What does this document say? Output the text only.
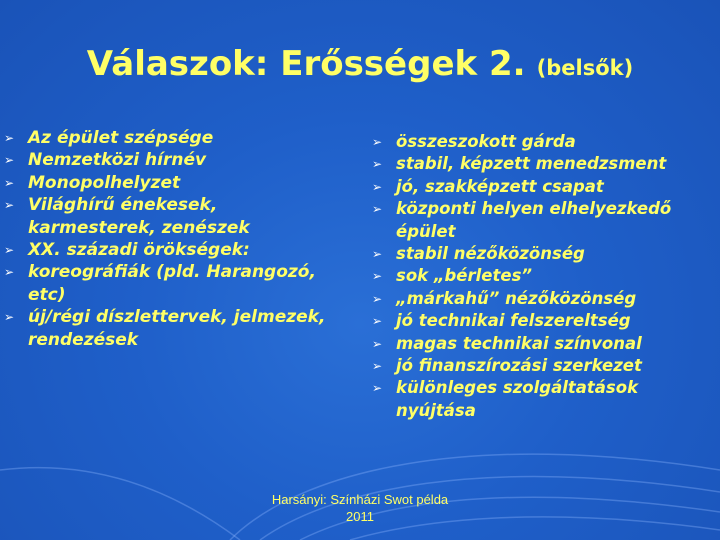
Válaszok: Erősségek 2. (belsők)
➢ Az épület szépsége
➢ Nemzetközi hírnév
➢ Monopolhelyzet
➢ Világhírű énekesek, karmesterek, zenészek
➢ XX. századi örökségek:
➢ koreográfiák (pld. Harangozó, etc)
➢ új/régi díszlettervek, jelmezek, rendezések
➢ összeszokott gárda
➢ stabil, képzett menedzsment
➢ jó, szakképzett csapat
➢ központi helyen elhelyezkedő épület
➢ stabil nézőközönség
➢ sok „bérletes”
➢ „márkahű” nézőközönség
➢ jó technikai felszereltség
➢ magas technikai színvonal
➢ jó finanszírozási szerkezet
➢ különleges szolgáltatások nyújtása
Harsányi: Színházi Swot példa
2011
